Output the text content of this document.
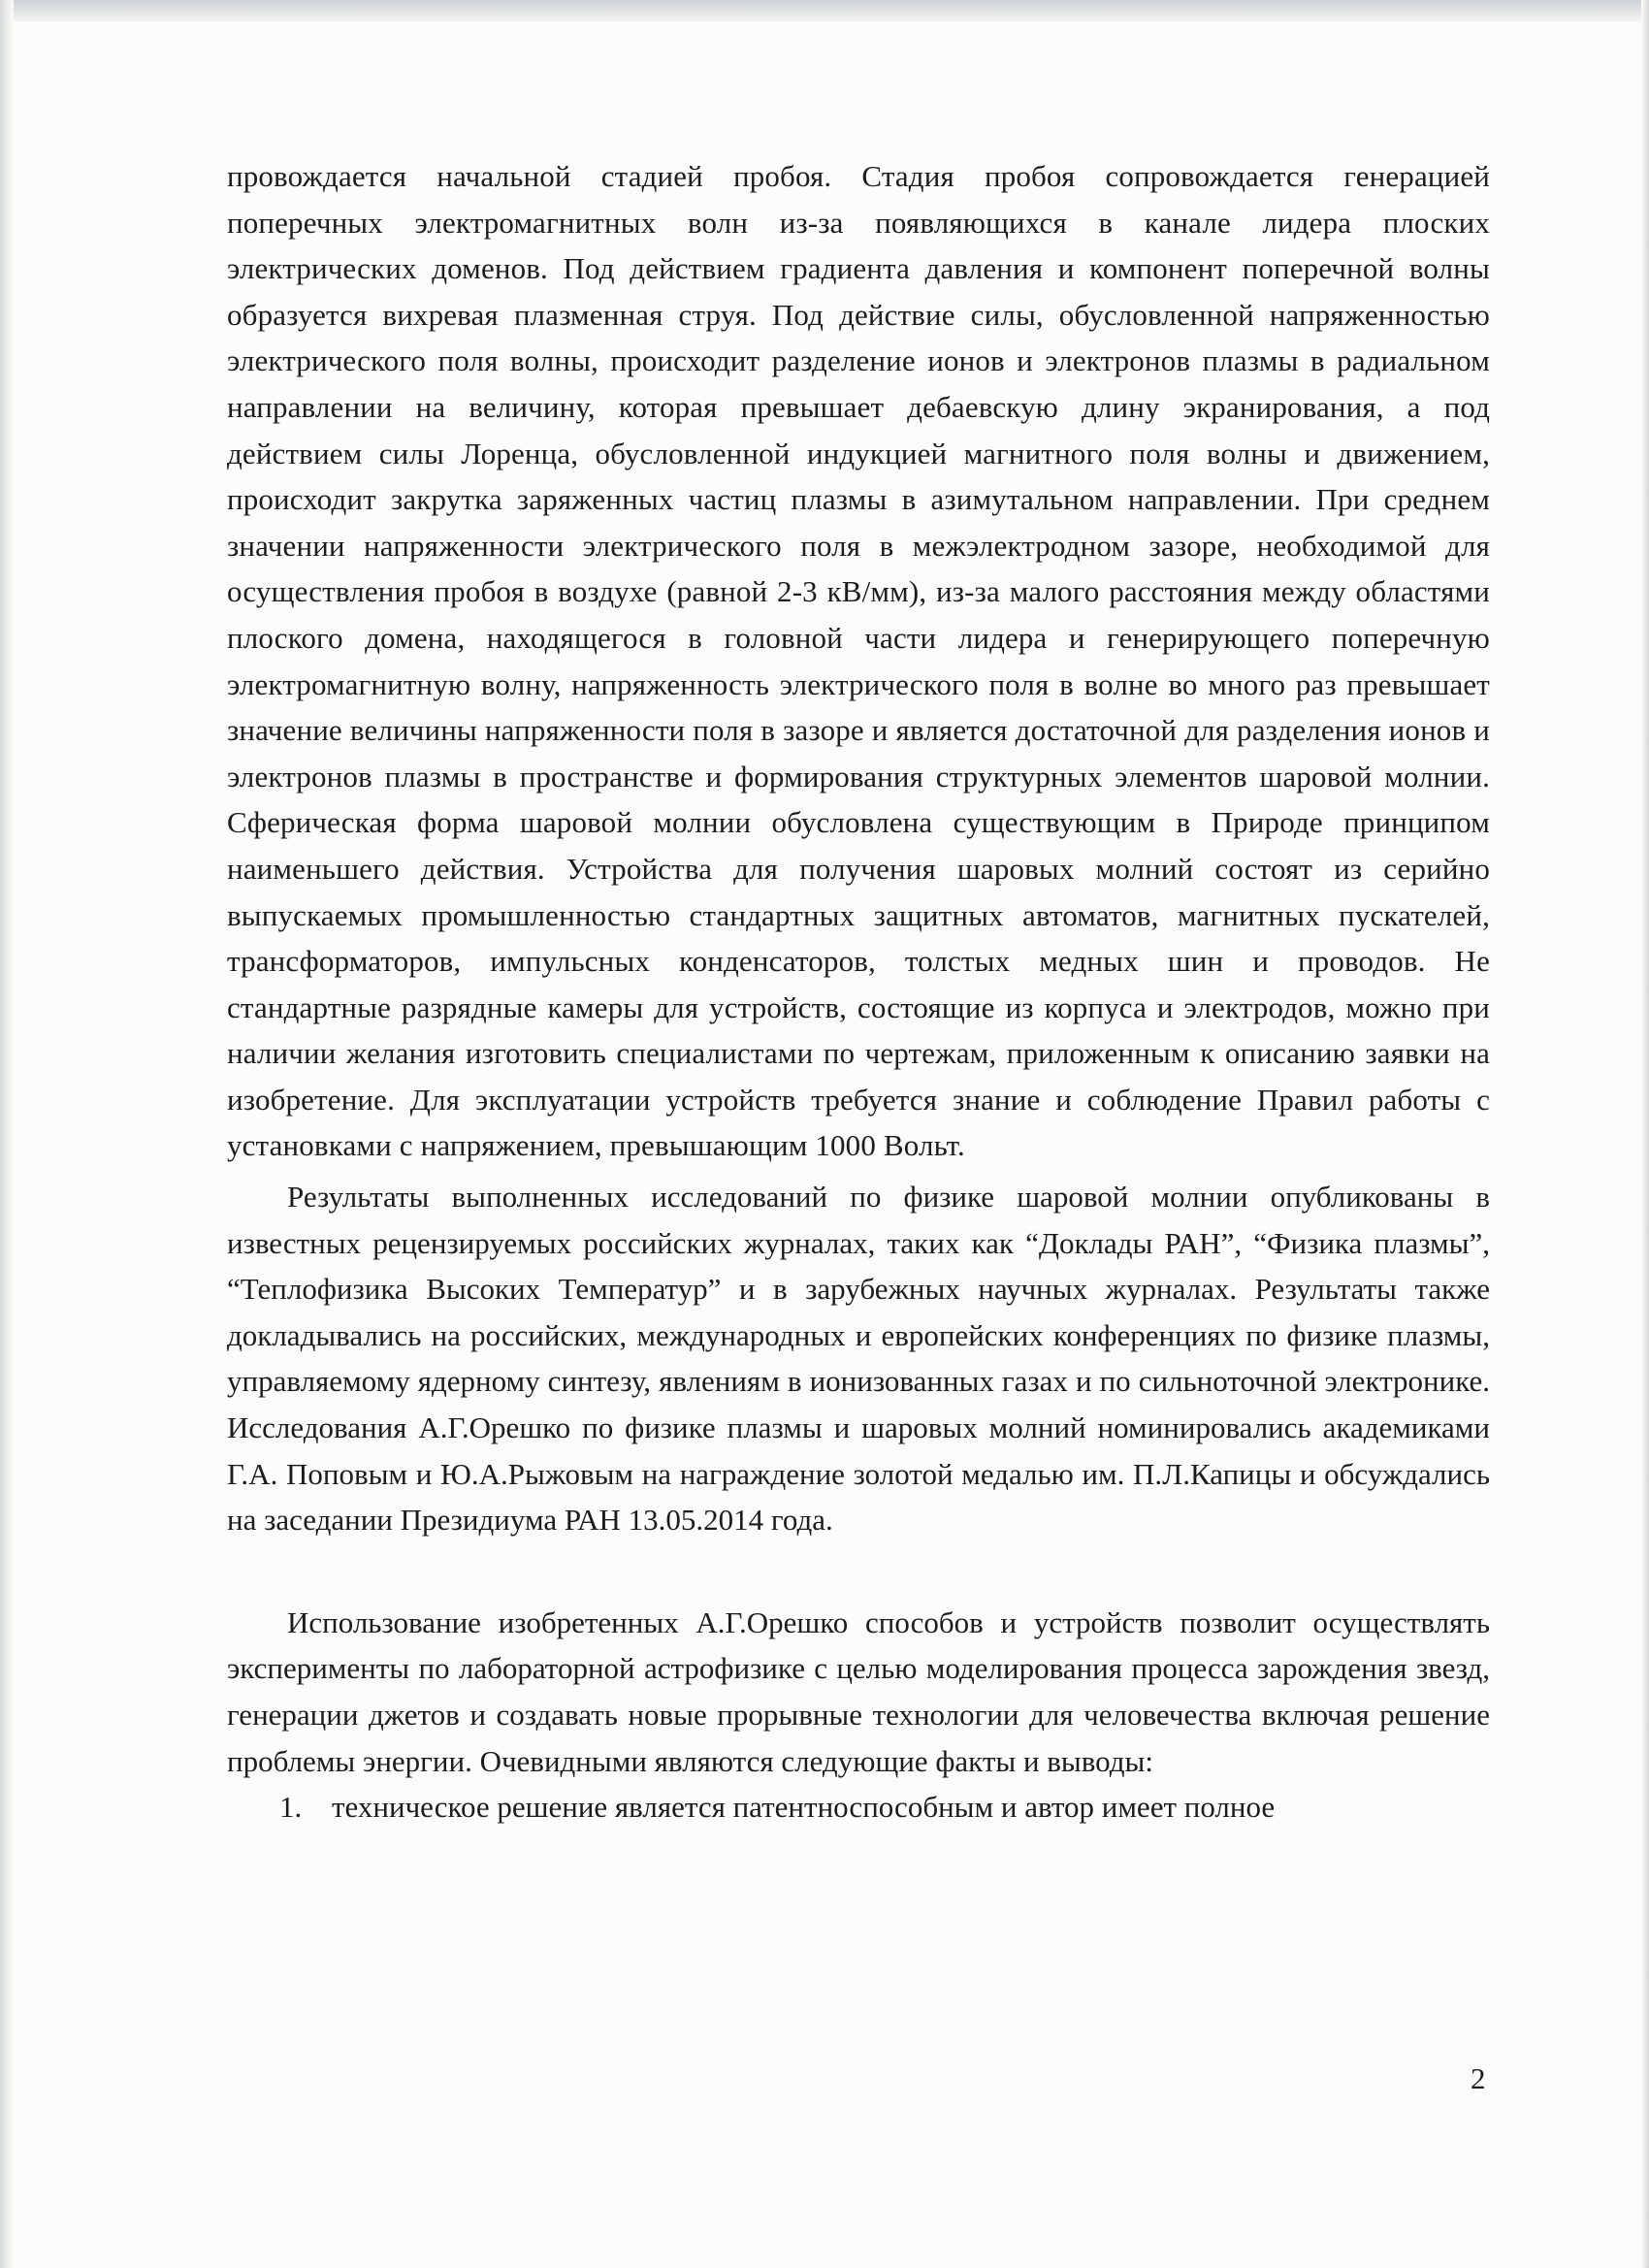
провождается начальной стадией пробоя. Стадия пробоя сопровождается генерацией поперечных электромагнитных волн из-за появляющихся в канале лидера плоских электрических доменов. Под действием градиента давления и компонент поперечной волны образуется вихревая плазменная струя. Под действие силы, обусловленной напряженностью электрического поля волны, происходит разделение ионов и электронов плазмы в радиальном направлении на величину, которая превышает дебаевскую длину экранирования, а под действием силы Лоренца, обусловленной индукцией магнитного поля волны и движением, происходит закрутка заряженных частиц плазмы в азимутальном направлении. При среднем значении напряженности электрического поля в межэлектродном зазоре, необходимой для осуществления пробоя в воздухе (равной 2-3 кВ/мм), из-за малого расстояния между областями плоского домена, находящегося в головной части лидера и генерирующего поперечную электромагнитную волну, напряженность электрического поля в волне во много раз превышает значение величины напряженности поля в зазоре и является достаточной для разделения ионов и электронов плазмы в пространстве и формирования структурных элементов шаровой молнии. Сферическая форма шаровой молнии обусловлена существующим в Природе принципом наименьшего действия. Устройства для получения шаровых молний состоят из серийно выпускаемых промышленностью стандартных защитных автоматов, магнитных пускателей, трансформаторов, импульсных конденсаторов, толстых медных шин и проводов. Не стандартные разрядные камеры для устройств, состоящие из корпуса и электродов, можно при наличии желания изготовить специалистами по чертежам, приложенным к описанию заявки на изобретение. Для эксплуатации устройств требуется знание и соблюдение Правил работы с установками с напряжением, превышающим 1000 Вольт.

Результаты выполненных исследований по физике шаровой молнии опубликованы в известных рецензируемых российских журналах, таких как “Доклады РАН”, “Физика плазмы”, “Теплофизика Высоких Температур” и в зарубежных научных журналах. Результаты также докладывались на российских, международных и европейских конференциях по физике плазмы, управляемому ядерному синтезу, явлениям в ионизованных газах и по сильноточной электронике. Исследования А.Г.Орешко по физике плазмы и шаровых молний номинировались академиками Г.А. Поповым и Ю.А.Рыжовым на награждение золотой медалью им. П.Л.Капицы и обсуждались на заседании Президиума РАН 13.05.2014 года.

Использование изобретенных А.Г.Орешко способов и устройств позволит осуществлять эксперименты по лабораторной астрофизике с целью моделирования процесса зарождения звезд, генерации джетов и создавать новые прорывные технологии для человечества включая решение проблемы энергии. Очевидными являются следующие факты и выводы:

1. техническое решение является патентноспособным и автор имеет полное
2
